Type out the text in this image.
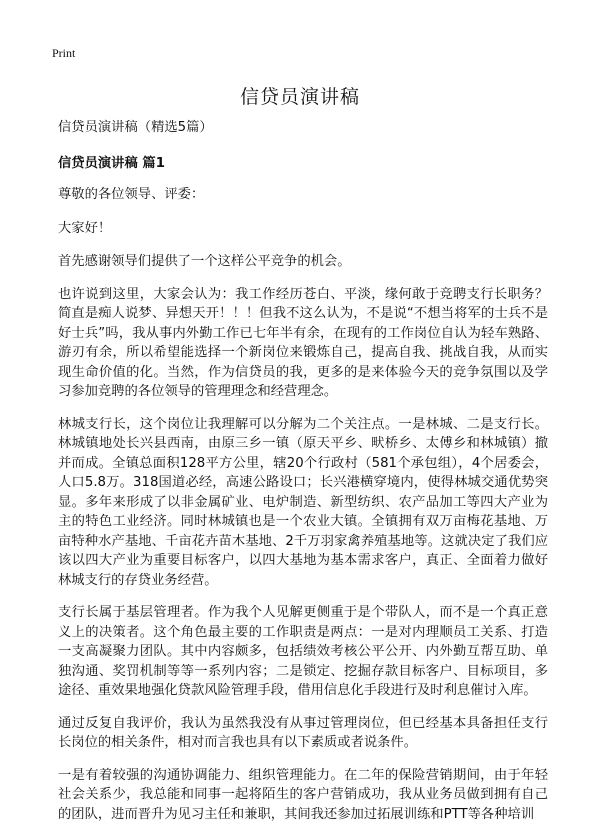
Print
信贷员演讲稿

信贷员演讲稿（精选5篇）

信贷员演讲稿 篇1

尊敬的各位领导、评委：

大家好！

首先感谢领导们提供了一个这样公平竞争的机会。

也许说到这里，大家会认为：我工作经历苍白、平淡，缘何敢于竞聘支行长职务？简直是痴人说梦、异想天开！！！但我不这么认为，不是说“不想当将军的士兵不是好士兵”吗，我从事内外勤工作已七年半有余，在现有的工作岗位自认为轻车熟路、游刃有余，所以希望能选择一个新岗位来锻炼自己，提高自我、挑战自我，从而实现生命价值的化。当然，作为信贷员的我，更多的是来体验今天的竞争氛围以及学习参加竞聘的各位领导的管理理念和经营理念。

林城支行长，这个岗位让我理解可以分解为二个关注点。一是林城、二是支行长。林城镇地处长兴县西南，由原三乡一镇（原天平乡、畎桥乡、太傅乡和林城镇）撤并而成。全镇总面积128平方公里，辖20个行政村（581个承包组），4个居委会，人口5.8万。318国道必经，高速公路设口；长兴港横穿境内，使得林城交通优势突显。多年来形成了以非金属矿业、电炉制造、新型纺织、农产品加工等四大产业为主的特色工业经济。同时林城镇也是一个农业大镇。全镇拥有双万亩梅花基地、万亩特种水产基地、千亩花卉苗木基地、2千万羽家禽养殖基地等。这就决定了我们应该以四大产业为重要目标客户，以四大基地为基本需求客户，真正、全面着力做好林城支行的存贷业务经营。

支行长属于基层管理者。作为我个人见解更侧重于是个带队人，而不是一个真正意义上的决策者。这个角色最主要的工作职责是两点：一是对内理顺员工关系、打造一支高凝聚力团队。其中内容颇多，包括绩效考核公平公开、内外勤互帮互助、单独沟通、奖罚机制等等一系列内容；二是锁定、挖掘存款目标客户、目标项目，多途径、重效果地强化贷款风险管理手段，借用信息化手段进行及时利息催讨入库。

通过反复自我评价，我认为虽然我没有从事过管理岗位，但已经基本具备担任支行长岗位的相关条件，相对而言我也具有以下素质或者说条件。

一是有着较强的沟通协调能力、组织管理能力。在二年的保险营销期间，由于年轻社会关系少，我总能和同事一起将陌生的客户营销成功，我从业务员做到拥有自己的团队，进而晋升为见习主任和兼职，其间我还参加过拓展训练和PTT等各种培训
